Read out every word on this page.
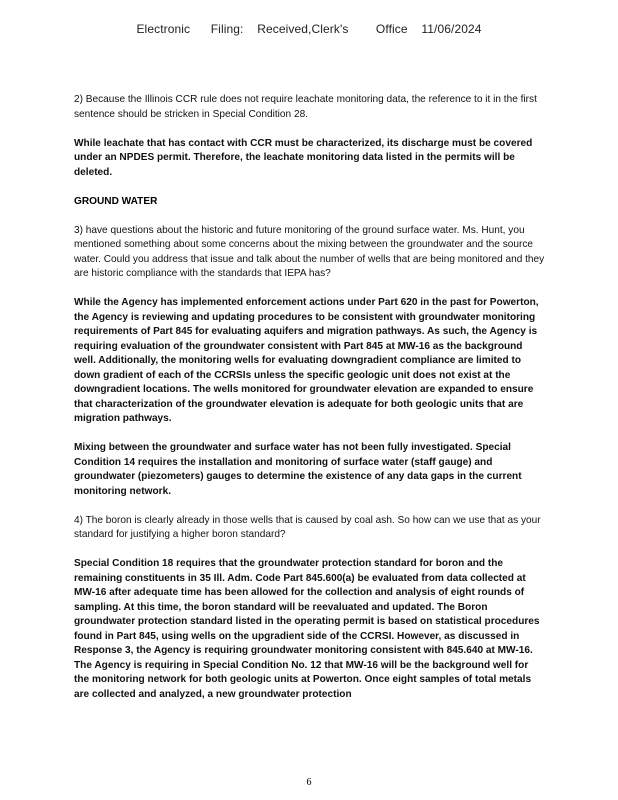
Electronic      Filing:    Received,Clerk's        Office    11/06/2024

2) Because the Illinois CCR rule does not require leachate monitoring data, the reference to it in the first sentence should be stricken in Special Condition 28.

While leachate that has contact with CCR must be characterized, its discharge must be covered under an NPDES permit. Therefore, the leachate monitoring data listed in the permits will be deleted.

GROUND WATER

3) have questions about the historic and future monitoring of the ground surface water. Ms. Hunt, you mentioned something about some concerns about the mixing between the groundwater and the source water. Could you address that issue and talk about the number of wells that are being monitored and they are historic compliance with the standards that IEPA has?

While the Agency has implemented enforcement actions under Part 620 in the past for Powerton, the Agency is reviewing and updating procedures to be consistent with groundwater monitoring requirements of Part 845 for evaluating aquifers and migration pathways. As such, the Agency is requiring evaluation of the groundwater consistent with Part 845 at MW-16 as the background well. Additionally, the monitoring wells for evaluating downgradient compliance are limited to down gradient of each of the CCRSIs unless the specific geologic unit does not exist at the downgradient locations. The wells monitored for groundwater elevation are expanded to ensure that characterization of the groundwater elevation is adequate for both geologic units that are migration pathways.

Mixing between the groundwater and surface water has not been fully investigated. Special Condition 14 requires the installation and monitoring of surface water (staff gauge) and groundwater (piezometers) gauges to determine the existence of any data gaps in the current monitoring network.

4) The boron is clearly already in those wells that is caused by coal ash. So how can we use that as your standard for justifying a higher boron standard?

Special Condition 18 requires that the groundwater protection standard for boron and the remaining constituents in 35 Ill. Adm. Code Part 845.600(a) be evaluated from data collected at MW-16 after adequate time has been allowed for the collection and analysis of eight rounds of sampling. At this time, the boron standard will be reevaluated and updated. The Boron groundwater protection standard listed in the operating permit is based on statistical procedures found in Part 845, using wells on the upgradient side of the CCRSI. However, as discussed in Response 3, the Agency is requiring groundwater monitoring consistent with 845.640 at MW-16. The Agency is requiring in Special Condition No. 12 that MW-16 will be the background well for the monitoring network for both geologic units at Powerton. Once eight samples of total metals are collected and analyzed, a new groundwater protection

6
